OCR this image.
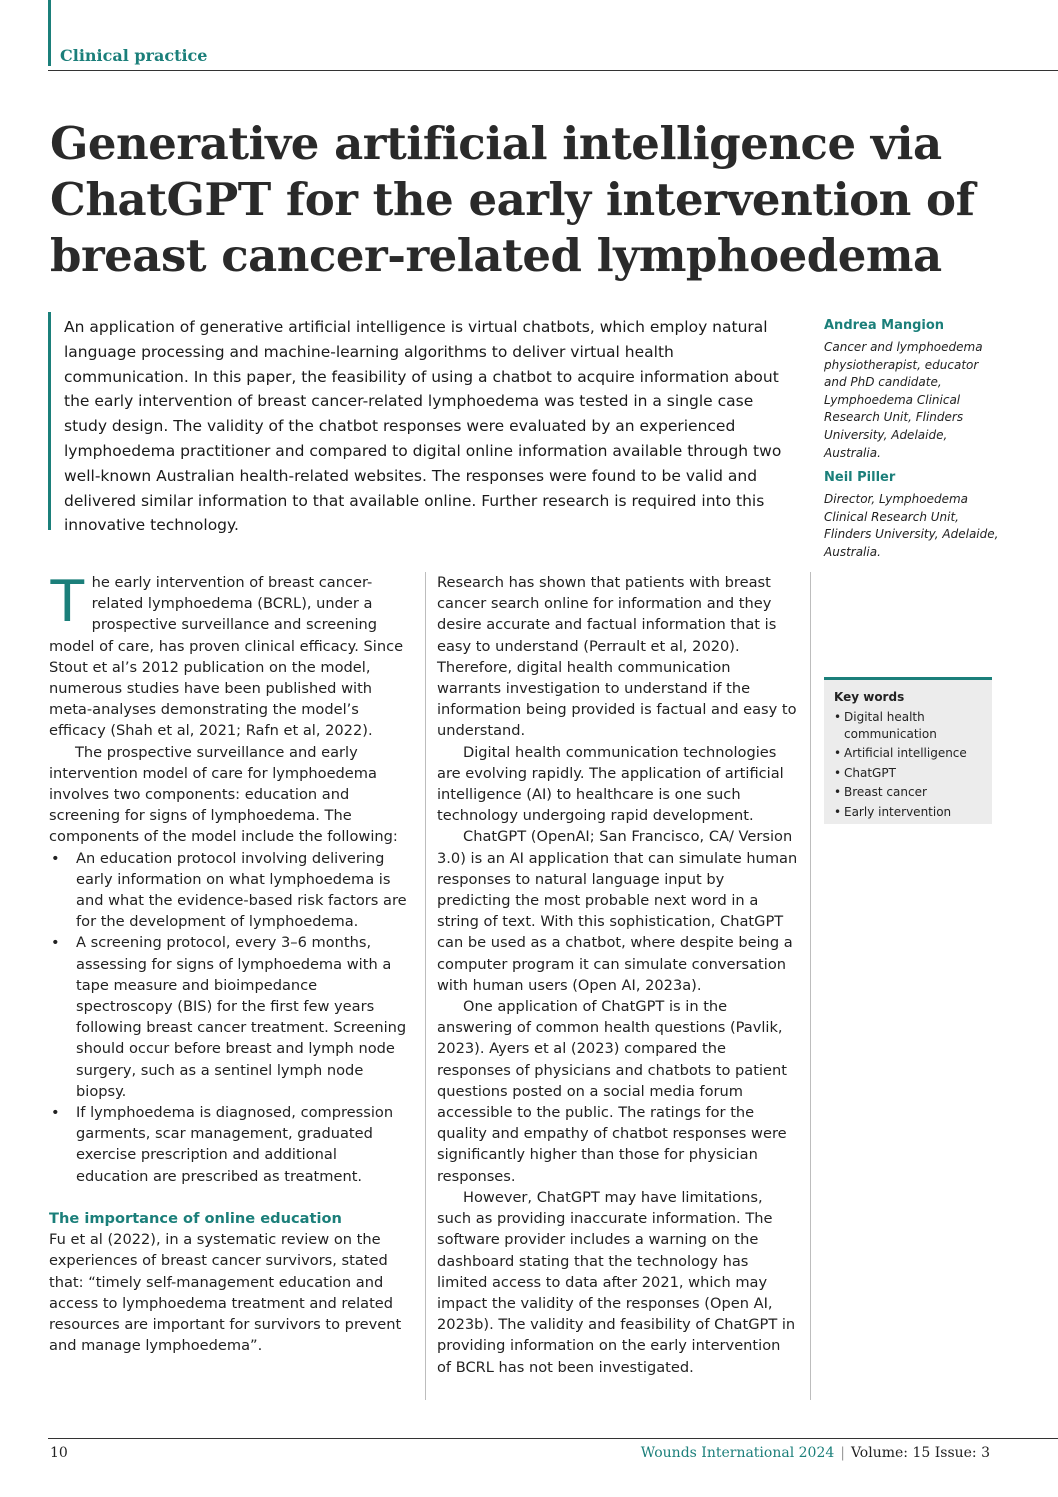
Clinical practice
Generative artificial intelligence via ChatGPT for the early intervention of breast cancer-related lymphoedema

An application of generative artificial intelligence is virtual chatbots, which employ natural language processing and machine-learning algorithms to deliver virtual health communication. In this paper, the feasibility of using a chatbot to acquire information about the early intervention of breast cancer-related lymphoedema was tested in a single case study design. The validity of the chatbot responses were evaluated by an experienced lymphoedema practitioner and compared to digital online information available through two well-known Australian health-related websites. The responses were found to be valid and delivered similar information to that available online. Further research is required into this innovative technology.

Andrea Mangion
Cancer and lymphoedema physiotherapist, educator and PhD candidate, Lymphoedema Clinical Research Unit, Flinders University, Adelaide, Australia.
Neil Piller
Director, Lymphoedema Clinical Research Unit, Flinders University, Adelaide, Australia.
Key words
• Digital health communication
• Artificial intelligence
• ChatGPT
• Breast cancer
• Early intervention

The early intervention of breast cancer-related lymphoedema (BCRL), under a prospective surveillance and screening model of care, has proven clinical efficacy. Since Stout et al’s 2012 publication on the model, numerous studies have been published with meta-analyses demonstrating the model’s efficacy (Shah et al, 2021; Rafn et al, 2022).

The prospective surveillance and early intervention model of care for lymphoedema involves two components: education and screening for signs of lymphoedema. The components of the model include the following:

• An education protocol involving delivering early information on what lymphoedema is and what the evidence-based risk factors are for the development of lymphoedema.
• A screening protocol, every 3–6 months, assessing for signs of lymphoedema with a tape measure and bioimpedance spectroscopy (BIS) for the first few years following breast cancer treatment. Screening should occur before breast and lymph node surgery, such as a sentinel lymph node biopsy.
• If lymphoedema is diagnosed, compression garments, scar management, graduated exercise prescription and additional education are prescribed as treatment.
The importance of online education

Fu et al (2022), in a systematic review on the experiences of breast cancer survivors, stated that: “timely self-management education and access to lymphoedema treatment and related resources are important for survivors to prevent and manage lymphoedema”.

Research has shown that patients with breast cancer search online for information and they desire accurate and factual information that is easy to understand (Perrault et al, 2020). Therefore, digital health communication warrants investigation to understand if the information being provided is factual and easy to understand.

Digital health communication technologies are evolving rapidly. The application of artificial intelligence (AI) to healthcare is one such technology undergoing rapid development.

ChatGPT (OpenAI; San Francisco, CA/ Version 3.0) is an AI application that can simulate human responses to natural language input by predicting the most probable next word in a string of text. With this sophistication, ChatGPT can be used as a chatbot, where despite being a computer program it can simulate conversation with human users (Open AI, 2023a).

One application of ChatGPT is in the answering of common health questions (Pavlik, 2023). Ayers et al (2023) compared the responses of physicians and chatbots to patient questions posted on a social media forum accessible to the public. The ratings for the quality and empathy of chatbot responses were significantly higher than those for physician responses.

However, ChatGPT may have limitations, such as providing inaccurate information. The software provider includes a warning on the dashboard stating that the technology has limited access to data after 2021, which may impact the validity of the responses (Open AI, 2023b). The validity and feasibility of ChatGPT in providing information on the early intervention of BCRL has not been investigated.

10	Wounds International 2024 | Volume: 15 Issue: 3
